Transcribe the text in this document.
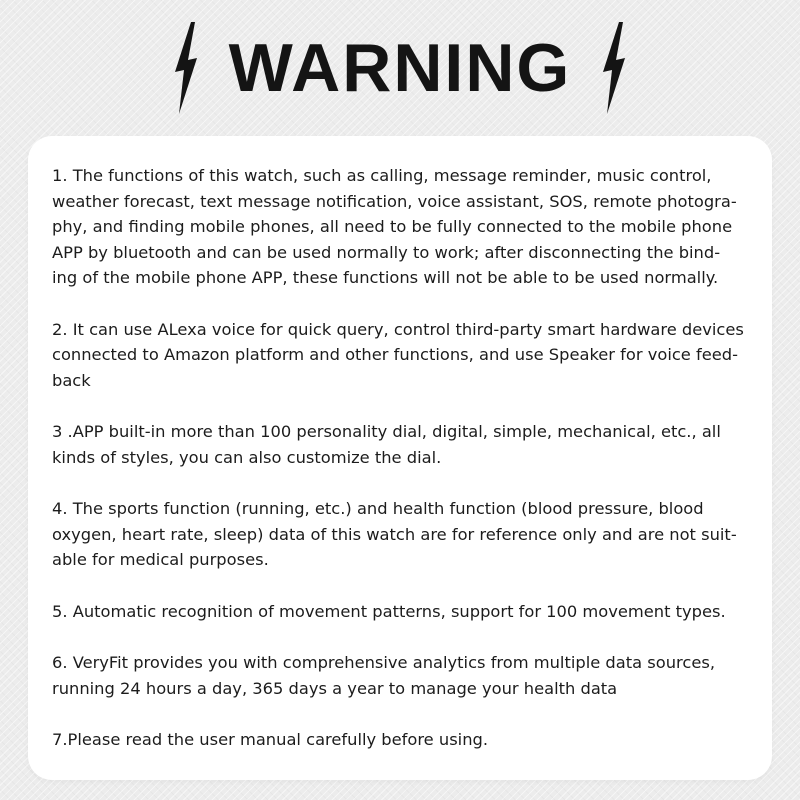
WARNING
1. The functions of this watch, such as calling, message reminder, music control,
weather forecast, text message notification, voice assistant, SOS, remote photogra-
phy, and finding mobile phones, all need to be fully connected to the mobile phone
APP by bluetooth and can be used normally to work; after disconnecting the bind-
ing of the mobile phone APP, these functions will not be able to be used normally.
2. It can use ALexa voice for quick query, control third-party smart hardware devices
connected to Amazon platform and other functions, and use Speaker for voice feed-
back
3 .APP built-in more than 100 personality dial, digital, simple, mechanical, etc., all
kinds of styles, you can also customize the dial.
4. The sports function (running, etc.) and health function (blood pressure, blood
oxygen, heart rate, sleep) data of this watch are for reference only and are not suit-
able for medical purposes.
5. Automatic recognition of movement patterns, support for 100 movement types.
6. VeryFit provides you with comprehensive analytics from multiple data sources,
running 24 hours a day, 365 days a year to manage your health data
7.Please read the user manual carefully before using.
